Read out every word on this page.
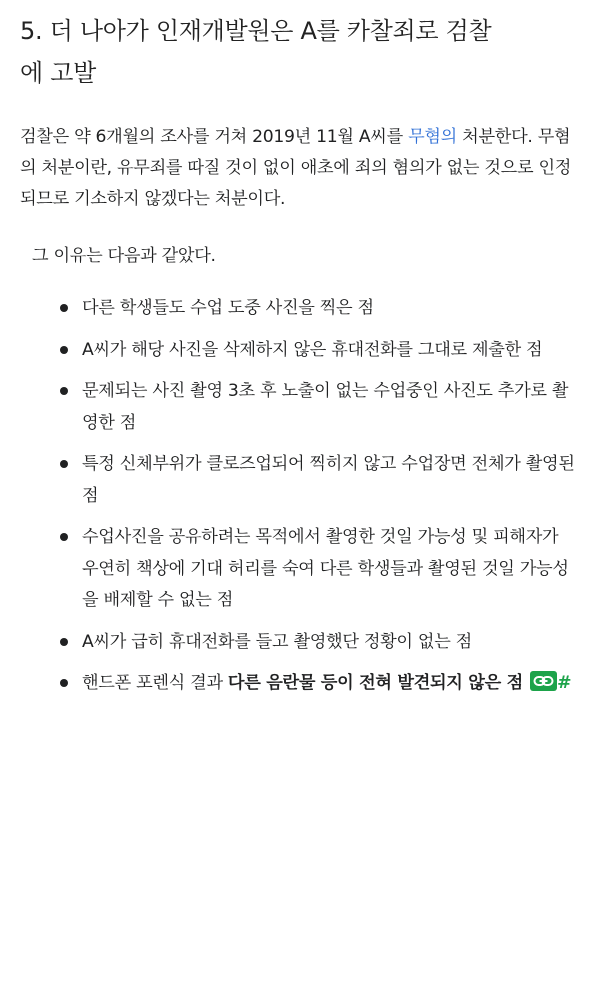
5. 더 나아가 인재개발원은 A를 카찰죄로 검찰
에 고발

검찰은 약 6개월의 조사를 거쳐 2019년 11월 A씨를 무혐의 처분한다. 무혐의 처분이란, 유무죄를 따질 것이 없이 애초에 죄의 혐의가 없는 것으로 인정되므로 기소하지 않겠다는 처분이다.

그 이유는 다음과 같았다.

다른 학생들도 수업 도중 사진을 찍은 점
A씨가 해당 사진을 삭제하지 않은 휴대전화를 그대로 제출한 점
문제되는 사진 촬영 3초 후 노출이 없는 수업중인 사진도 추가로 촬영한 점
특정 신체부위가 클로즈업되어 찍히지 않고 수업장면 전체가 촬영된 점
수업사진을 공유하려는 목적에서 촬영한 것일 가능성 및 피해자가 우연히 책상에 기대 허리를 숙여 다른 학생들과 촬영된 것일 가능성을 배제할 수 없는 점
A씨가 급히 휴대전화를 들고 촬영했단 정황이 없는 점
핸드폰 포렌식 결과 다른 음란물 등이 전혀 발견되지 않은 점 #
